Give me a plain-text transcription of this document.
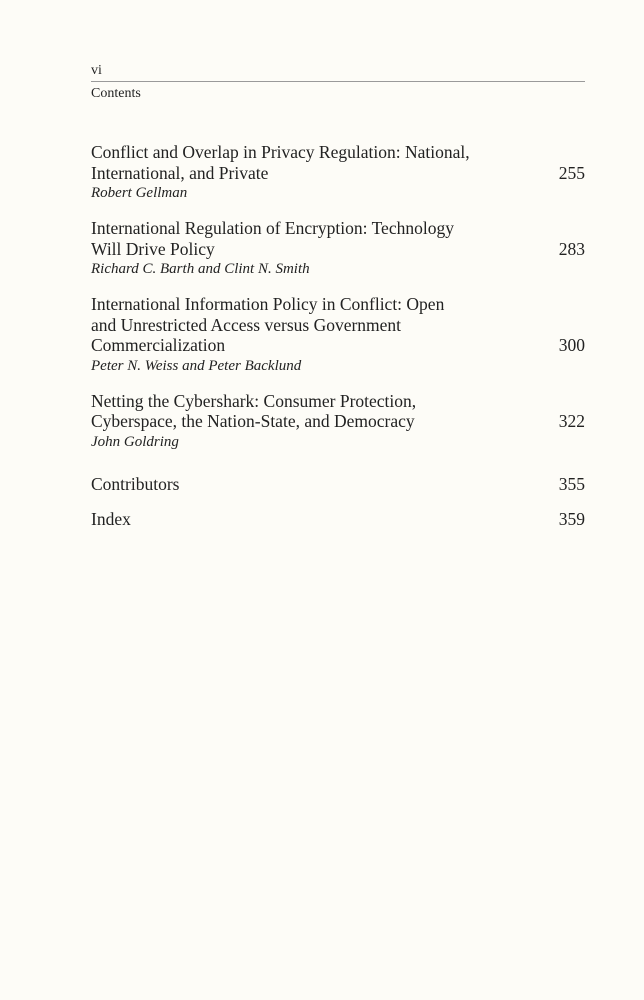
vi
Contents
Conflict and Overlap in Privacy Regulation: National,
International, and Private	255
Robert Gellman
International Regulation of Encryption: Technology
Will Drive Policy	283
Richard C. Barth and Clint N. Smith
International Information Policy in Conflict: Open
and Unrestricted Access versus Government
Commercialization	300
Peter N. Weiss and Peter Backlund
Netting the Cybershark: Consumer Protection,
Cyberspace, the Nation-State, and Democracy	322
John Goldring
Contributors	355
Index	359
